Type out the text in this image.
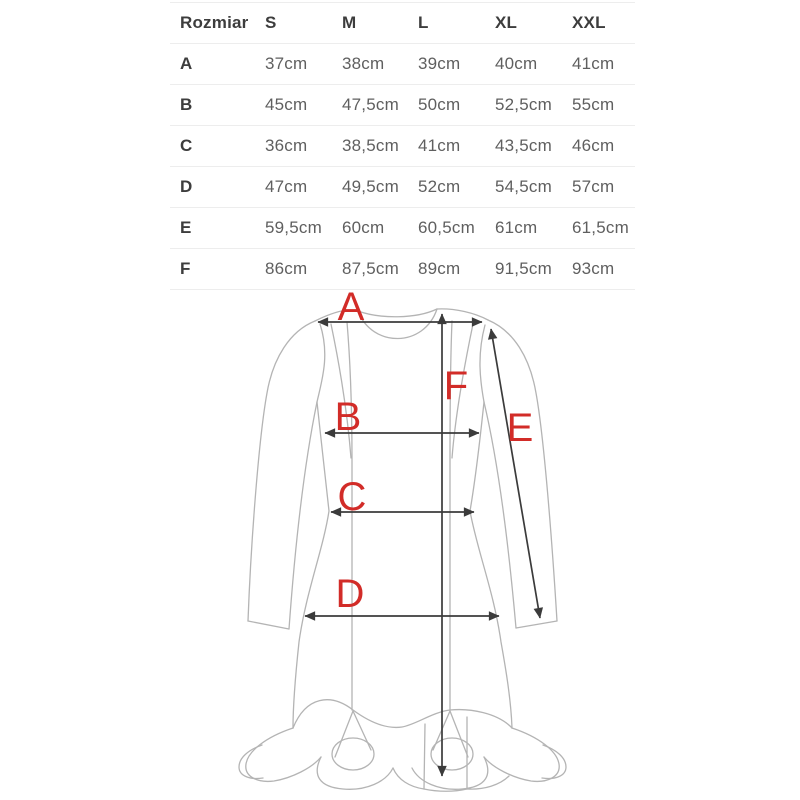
Rozmiar S	M	L	XL	XXL
A	37cm	38cm	39cm	40cm	41cm
B	45cm	47,5cm	50cm	52,5cm	55cm
C	36cm	38,5cm	41cm	43,5cm	46cm
D	47cm	49,5cm	52cm	54,5cm	57cm
E	59,5cm	60cm	60,5cm	61cm	61,5cm
F	86cm	87,5cm	89cm	91,5cm	93cm
A
B
C
D
E
F
